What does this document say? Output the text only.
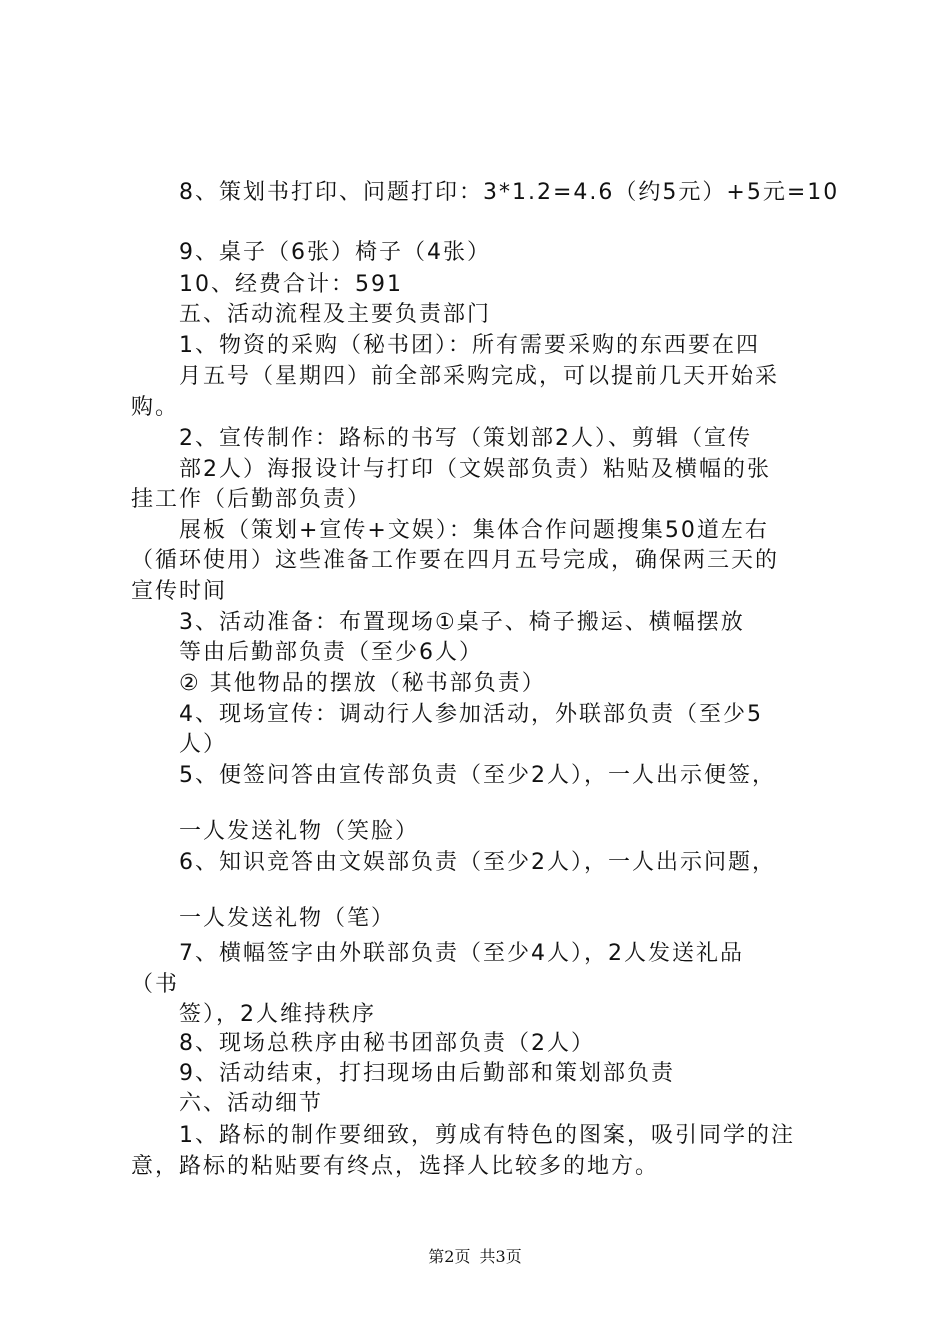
8、策划书打印、问题打印：3*1.2=4.6（约5元）+5元=10
9、桌子（6张）椅子（4张）
10、经费合计：591
五、活动流程及主要负责部门
1、物资的采购（秘书团）：所有需要采购的东西要在四
月五号（星期四）前全部采购完成，可以提前几天开始采
购。
2、宣传制作：路标的书写（策划部2人）、剪辑（宣传
部2人）海报设计与打印（文娱部负责）粘贴及横幅的张
挂工作（后勤部负责）
展板（策划+宣传+文娱）：集体合作问题搜集50道左右
（循环使用）这些准备工作要在四月五号完成，确保两三天的
宣传时间
3、活动准备：布置现场①桌子、椅子搬运、横幅摆放
等由后勤部负责（至少6人）
② 其他物品的摆放（秘书部负责）
4、现场宣传：调动行人参加活动，外联部负责（至少5
人）
5、便签问答由宣传部负责（至少2人），一人出示便签，
一人发送礼物（笑脸）
6、知识竞答由文娱部负责（至少2人），一人出示问题，
一人发送礼物（笔）
7、横幅签字由外联部负责（至少4人），2人发送礼品
（书
签），2人维持秩序
8、现场总秩序由秘书团部负责（2人）
9、活动结束，打扫现场由后勤部和策划部负责
六、活动细节
1、路标的制作要细致，剪成有特色的图案，吸引同学的注
意，路标的粘贴要有终点，选择人比较多的地方。
第2页 共3页
